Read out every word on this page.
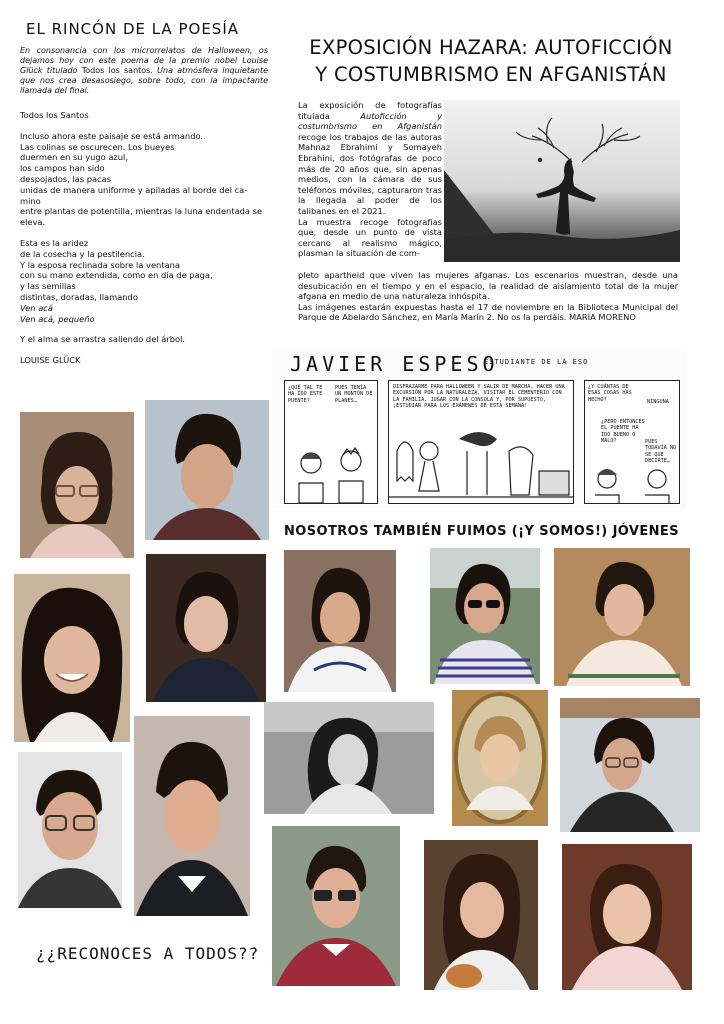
EL RINCÓN DE LA POESÍA
En consonancia con los microrrelatos de Halloween, os dejamos hoy con este poema de la premio nobel Louise Glück titulado Todos los santos. Una atmósfera inquietante que nos crea desasosiego, sobre todo, con la impactante llamada del final.
Todos los Santos
Incluso ahora este paisaje se está armando.
Las colinas se oscurecen. Los bueyes
duermen en su yugo azul,
los campos han sido
despojados, las pacas
unidas de manera uniforme y apiladas al borde del ca-
mino
entre plantas de potentilla, mientras la luna endentada se
eleva.
Esta es la aridez
de la cosecha y la pestilencia.
Y la esposa reclinada sobre la ventana
con su mano extendida, como en día de paga,
y las semillas
distintas, doradas, llamando
Ven acá
Ven acá, pequeño
Y el alma se arrastra saliendo del árbol.
LOUISE GLÜCK
EXPOSICIÓN HAZARA: AUTOFICCIÓN
Y COSTUMBRISMO EN AFGANISTÁN
La exposición de fotografías titulada	Autoficción y costumbrismo en Afganistán recoge los trabajos de las autoras Mahnaz Ebrahimi y Somayeh Ebrahini, dos fotógrafas de poco más de 20 años que, sin apenas medios, con la cámara de sus teléfonos móviles, capturaron tras la llegada al poder de los talibanes en el 2021.
La muestra recoge fotografías que, desde un punto de vista cercano al realismo mágico, plasman la situación de com-
pleto apartheid que viven las mujeres afganas. Los escenarios muestran, desde una desubicación en el tiempo y en el espacio, la realidad de aislamiento total de la mujer afgana en medio de una naturaleza inhóspita.
Las imágenes estarán expuestas hasta el 17 de noviembre en la Biblioteca Municipal del Parque de Abelardo Sánchez, en María Marín 2. No os la perdáis. MARÍA MORENO
JAVIER ESPESO
ESTUDIANTE DE LA ESO
¿QUÉ TAL TE HA IDO ESTE PUENTE?
PUES TENÍA UN MONTÓN DE PLANES…
DISFRAZARME PARA HALLOWEEN Y SALIR DE MARCHA, HACER UNA EXCURSIÓN POR LA NATURALEZA, VISITAR EL CEMENTERIO CON LA FAMILIA, JUGAR CON LA CONSOLA Y, POR SUPUESTO, ¡ESTUDIAR PARA LOS EXÁMENES DE ESTA SEMANA!
¿Y CUÁNTAS DE ESAS COSAS HAS HECHO?	NINGUNA
¿PERO ENTONCES EL PUENTE HA IDO BUENO O MALO?	PUES TODAVÍA NO SE QUE DECIRTE…
NOSOTROS TAMBIÉN FUIMOS (¡Y SOMOS!) JÓVENES
¿¿RECONOCES A TODOS??
